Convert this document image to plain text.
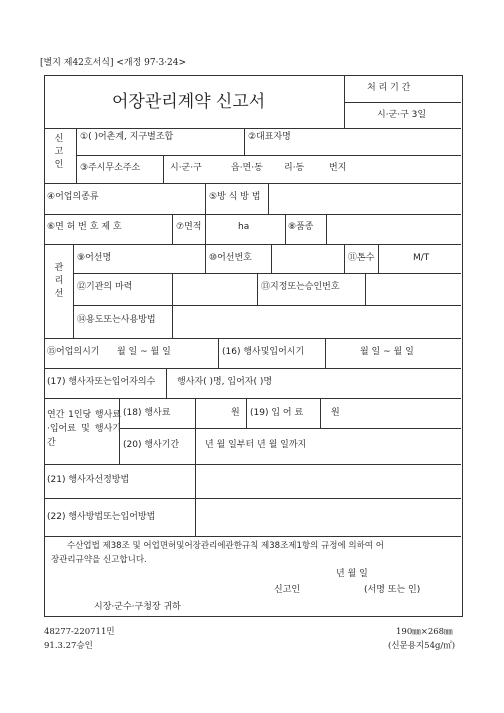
[별지 제42호서식] <개정 97·3·24>
어장관리계약 신고서
처 리 기 간
시·군·구 3일
신
고
인
①( )어촌계, 지구별조합	②대표자명
③주시무소주소	시·군·구	읍·면·동 리·동	번지
④어업의종류	⑤방 식 방 법
⑥면 허 번 호 제 호	⑦면적	ha	⑧품종
관
리
선
⑨어선명	⑩어선번호	⑪톤수	M/T
⑫기관의 마력	⑬지정또는승인번호
⑭용도또는사용방법
⑮어업의시기 월 일 ~ 월 일	(16) 행사및입어시기	월 일 ~ 월 일
(17) 행사자또는입어자의수 행사자( )명, 입어자( )명
연간 1인당 행사료·입어료 및 행사기간
(18) 행사료	원 (19) 입 어 료	원
(20) 행사기간	년 월 일부터 년 월 일까지
(21) 행사자선정방법
(22) 행사방법또는입어방법
수산업법 제38조 및 어업면허및어장관리에관한규칙 제38조제1항의 규정에 의하여 어
장관리규약을 신고합니다.
년 월 일
신고인	(서명 또는 인)
시장·군수·구청장 귀하
48277-220711민
91.3.27승인
190㎜×268㎜
(신문용지54g/㎡)
